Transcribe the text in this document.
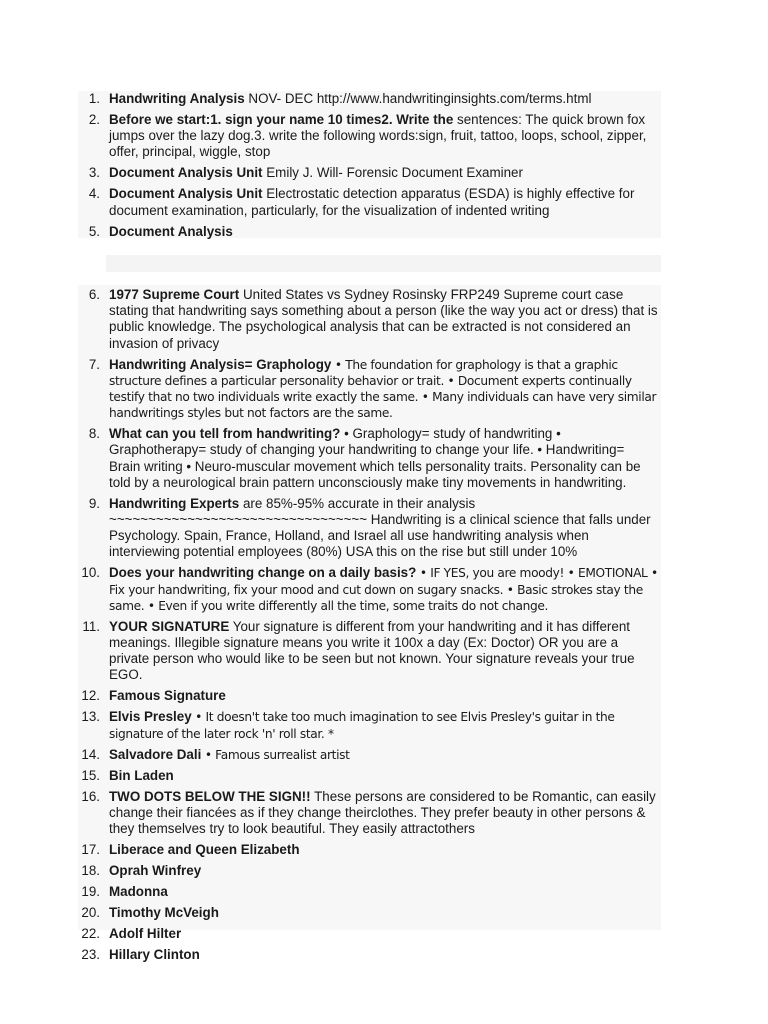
1. Handwriting Analysis NOV- DEC http://www.handwritinginsights.com/terms.html
2. Before we start:1. sign your name 10 times2. Write the sentences: The quick brown fox jumps over the lazy dog.3. write the following words:sign, fruit, tattoo, loops, school, zipper, offer, principal, wiggle, stop
3. Document Analysis Unit Emily J. Will- Forensic Document Examiner
4. Document Analysis Unit Electrostatic detection apparatus (ESDA) is highly effective for document examination, particularly, for the visualization of indented writing
5. Document Analysis
6. 1977 Supreme Court United States vs Sydney Rosinsky FRP249 Supreme court case stating that handwriting says something about a person (like the way you act or dress) that is public knowledge. The psychological analysis that can be extracted is not considered an invasion of privacy
7. Handwriting Analysis= Graphology • The foundation for graphology is that a graphic structure defines a particular personality behavior or trait. • Document experts continually testify that no two individuals write exactly the same. • Many individuals can have very similar handwritings styles but not factors are the same.
8. What can you tell from handwriting? • Graphology= study of handwriting • Graphotherapy= study of changing your handwriting to change your life. • Handwriting= Brain writing • Neuro-muscular movement which tells personality traits. Personality can be told by a neurological brain pattern unconsciously make tiny movements in handwriting.
9. Handwriting Experts are 85%-95% accurate in their analysis ~~~~~~~~~~~~~~~~~~~~~~~~~~~~~~~~~ Handwriting is a clinical science that falls under Psychology. Spain, France, Holland, and Israel all use handwriting analysis when interviewing potential employees (80%) USA this on the rise but still under 10%
10. Does your handwriting change on a daily basis? • IF YES, you are moody! • EMOTIONAL • Fix your handwriting, fix your mood and cut down on sugary snacks. • Basic strokes stay the same. • Even if you write differently all the time, some traits do not change.
11. YOUR SIGNATURE Your signature is different from your handwriting and it has different meanings. Illegible signature means you write it 100x a day (Ex: Doctor) OR you are a private person who would like to be seen but not known. Your signature reveals your true EGO.
12. Famous Signature
13. Elvis Presley • It doesn't take too much imagination to see Elvis Presley's guitar in the signature of the later rock 'n' roll star. *
14. Salvadore Dali • Famous surrealist artist
15. Bin Laden
16. TWO DOTS BELOW THE SIGN!! These persons are considered to be Romantic, can easily change their fiancées as if they change theirclothes. They prefer beauty in other persons & they themselves try to look beautiful. They easily attractothers
17. Liberace and Queen Elizabeth
18. Oprah Winfrey
19. Madonna
20. Timothy McVeigh
22. Adolf Hilter
23. Hillary Clinton
